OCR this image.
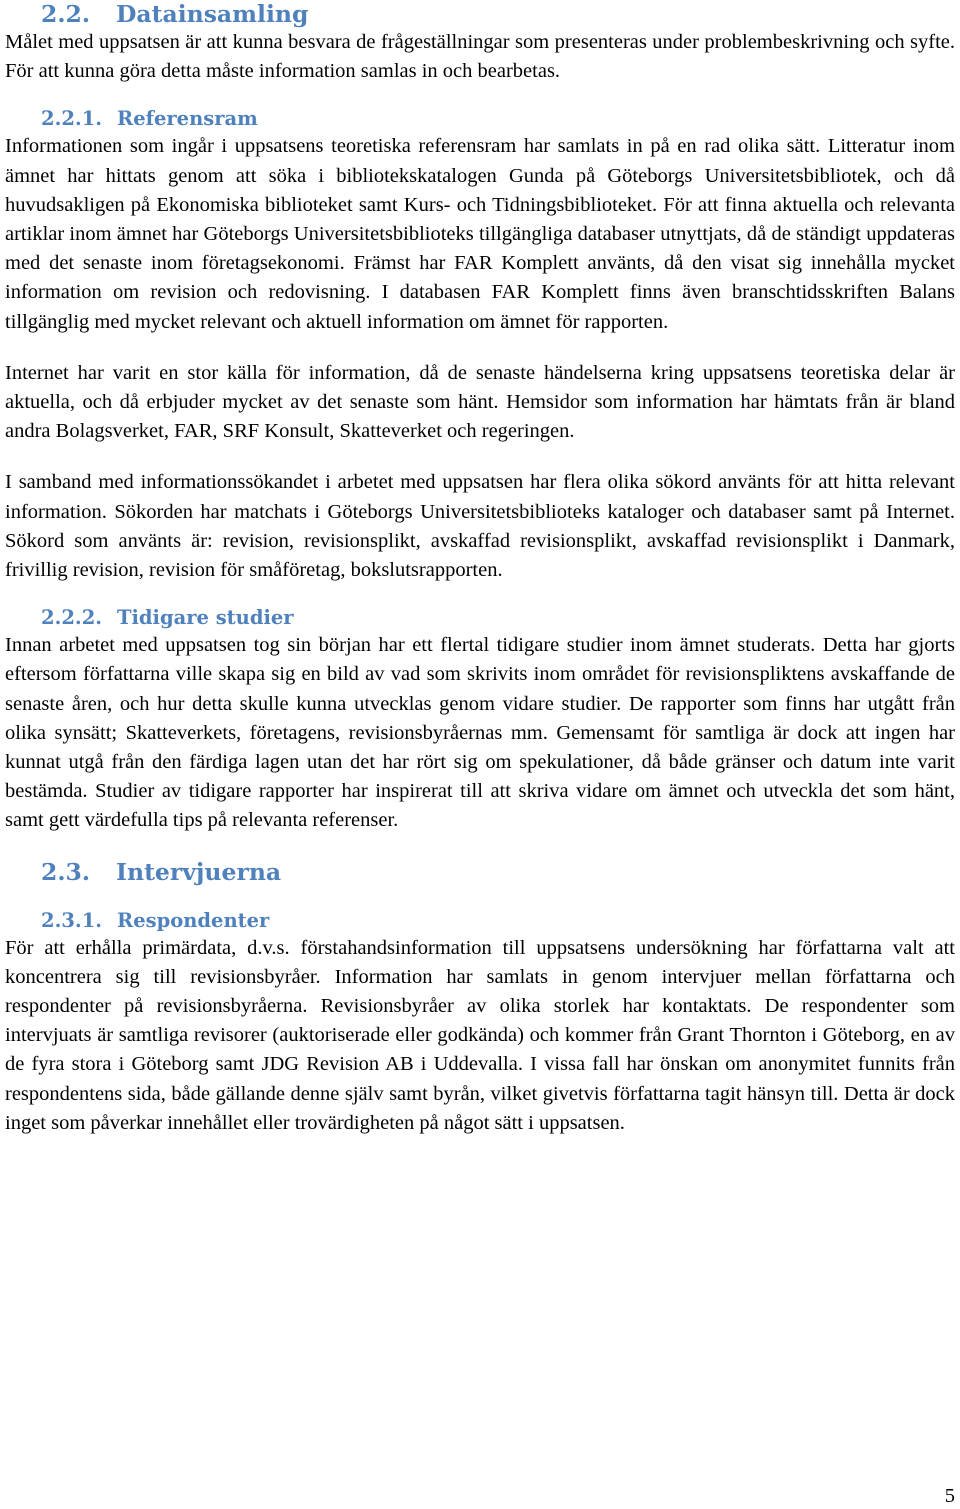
2.2. Datainsamling

Målet med uppsatsen är att kunna besvara de frågeställningar som presenteras under problembeskrivning och syfte. För att kunna göra detta måste information samlas in och bearbetas.

2.2.1. Referensram

Informationen som ingår i uppsatsens teoretiska referensram har samlats in på en rad olika sätt. Litteratur inom ämnet har hittats genom att söka i bibliotekskatalogen Gunda på Göteborgs Universitetsbibliotek, och då huvudsakligen på Ekonomiska biblioteket samt Kurs- och Tidningsbiblioteket. För att finna aktuella och relevanta artiklar inom ämnet har Göteborgs Universitetsbiblioteks tillgängliga databaser utnyttjats, då de ständigt uppdateras med det senaste inom företagsekonomi. Främst har FAR Komplett använts, då den visat sig innehålla mycket information om revision och redovisning. I databasen FAR Komplett finns även branschtidsskriften Balans tillgänglig med mycket relevant och aktuell information om ämnet för rapporten.

Internet har varit en stor källa för information, då de senaste händelserna kring uppsatsens teoretiska delar är aktuella, och då erbjuder mycket av det senaste som hänt. Hemsidor som information har hämtats från är bland andra Bolagsverket, FAR, SRF Konsult, Skatteverket och regeringen.

I samband med informationssökandet i arbetet med uppsatsen har flera olika sökord använts för att hitta relevant information. Sökorden har matchats i Göteborgs Universitetsbiblioteks kataloger och databaser samt på Internet. Sökord som använts är: revision, revisionsplikt, avskaffad revisionsplikt, avskaffad revisionsplikt i Danmark, frivillig revision, revision för småföretag, bokslutsrapporten.

2.2.2. Tidigare studier

Innan arbetet med uppsatsen tog sin början har ett flertal tidigare studier inom ämnet studerats. Detta har gjorts eftersom författarna ville skapa sig en bild av vad som skrivits inom området för revisionspliktens avskaffande de senaste åren, och hur detta skulle kunna utvecklas genom vidare studier. De rapporter som finns har utgått från olika synsätt; Skatteverkets, företagens, revisionsbyråernas mm. Gemensamt för samtliga är dock att ingen har kunnat utgå från den färdiga lagen utan det har rört sig om spekulationer, då både gränser och datum inte varit bestämda. Studier av tidigare rapporter har inspirerat till att skriva vidare om ämnet och utveckla det som hänt, samt gett värdefulla tips på relevanta referenser.

2.3. Intervjuerna
2.3.1. Respondenter

För att erhålla primärdata, d.v.s. förstahandsinformation till uppsatsens undersökning har författarna valt att koncentrera sig till revisionsbyråer. Information har samlats in genom intervjuer mellan författarna och respondenter på revisionsbyråerna. Revisionsbyråer av olika storlek har kontaktats. De respondenter som intervjuats är samtliga revisorer (auktoriserade eller godkända) och kommer från Grant Thornton i Göteborg, en av de fyra stora i Göteborg samt JDG Revision AB i Uddevalla. I vissa fall har önskan om anonymitet funnits från respondentens sida, både gällande denne själv samt byrån, vilket givetvis författarna tagit hänsyn till. Detta är dock inget som påverkar innehållet eller trovärdigheten på något sätt i uppsatsen.

5
